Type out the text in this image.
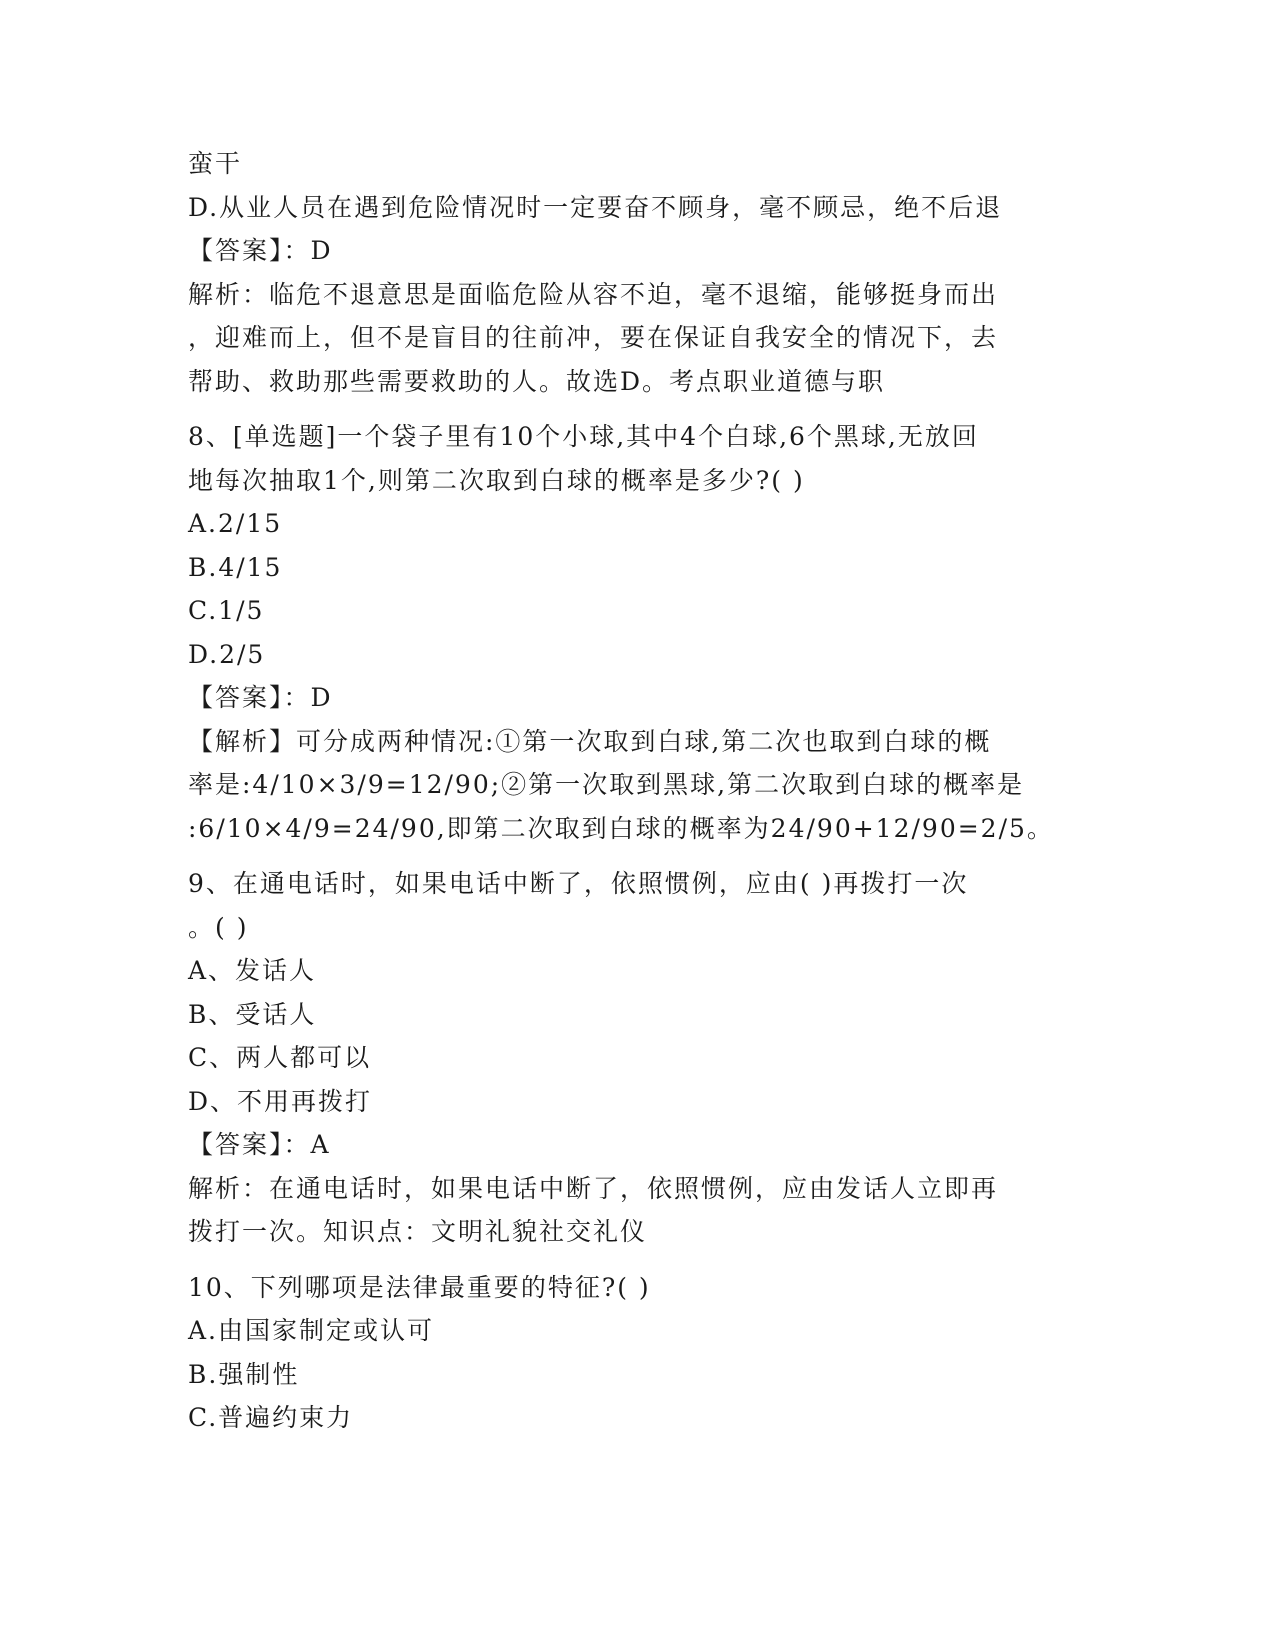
蛮干
D.从业人员在遇到危险情况时一定要奋不顾身，毫不顾忌，绝不后退
【答案】：D
解析：临危不退意思是面临危险从容不迫，毫不退缩，能够挺身而出
，迎难而上，但不是盲目的往前冲，要在保证自我安全的情况下，去
帮助、救助那些需要救助的人。故选D。考点职业道德与职
8、[单选题]一个袋子里有10个小球,其中4个白球,6个黑球,无放回
地每次抽取1个,则第二次取到白球的概率是多少?( )
A.2/15
B.4/15
C.1/5
D.2/5
【答案】：D
【解析】可分成两种情况:①第一次取到白球,第二次也取到白球的概
率是:4/10×3/9=12/90;②第一次取到黑球,第二次取到白球的概率是
:6/10×4/9=24/90,即第二次取到白球的概率为24/90+12/90=2/5。
9、在通电话时，如果电话中断了，依照惯例，应由( )再拨打一次
。( )
A、发话人
B、受话人
C、两人都可以
D、不用再拨打
【答案】：A
解析：在通电话时，如果电话中断了，依照惯例，应由发话人立即再
拨打一次。知识点：文明礼貌社交礼仪
10、下列哪项是法律最重要的特征?( )
A.由国家制定或认可
B.强制性
C.普遍约束力
